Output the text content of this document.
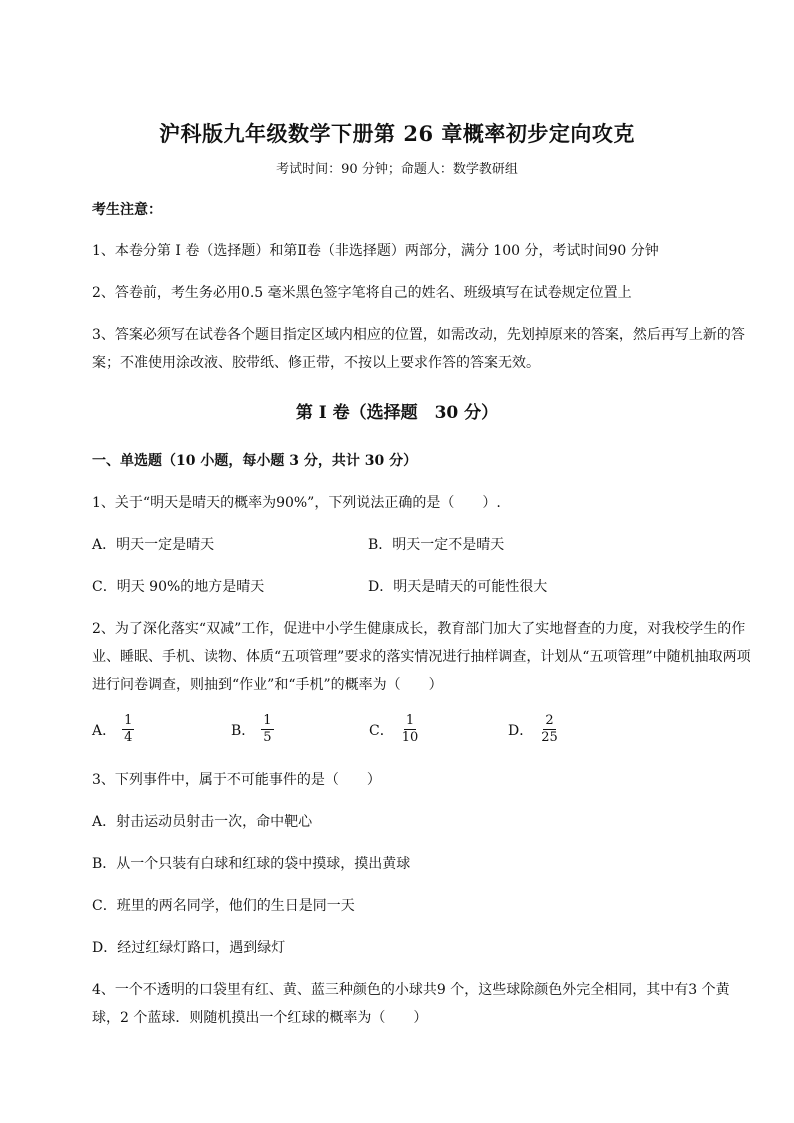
沪科版九年级数学下册第 26 章概率初步定向攻克
考试时间：90 分钟；命题人：数学教研组
考生注意：
1、本卷分第 I 卷（选择题）和第Ⅱ卷（非选择题）两部分，满分 100 分，考试时间90 分钟
2、答卷前，考生务必用0.5 毫米黑色签字笔将自己的姓名、班级填写在试卷规定位置上
3、答案必须写在试卷各个题目指定区域内相应的位置，如需改动，先划掉原来的答案，然后再写上新的答案；不准使用涂改液、胶带纸、修正带，不按以上要求作答的答案无效。
第 I 卷（选择题　30 分）
一、单选题（10 小题，每小题 3 分，共计 30 分）
1、关于“明天是晴天的概率为90%”，下列说法正确的是（　　）.
A．明天一定是晴天	B．明天一定不是晴天
C．明天 90%的地方是晴天	D．明天是晴天的可能性很大
2、为了深化落实“双减”工作，促进中小学生健康成长，教育部门加大了实地督查的力度，对我校学生的作业、睡眠、手机、读物、体质“五项管理”要求的落实情况进行抽样调查，计划从“五项管理”中随机抽取两项进行问卷调查，则抽到“作业”和“手机”的概率为（　　）
A． $\frac{1}{4}$	B． $\frac{1}{5}$	C． $\frac{1}{10}$	D． $\frac{2}{25}$
3、下列事件中，属于不可能事件的是（　　）
A．射击运动员射击一次，命中靶心
B．从一个只装有白球和红球的袋中摸球，摸出黄球
C．班里的两名同学，他们的生日是同一天
D．经过红绿灯路口，遇到绿灯
4、一个不透明的口袋里有红、黄、蓝三种颜色的小球共9 个，这些球除颜色外完全相同，其中有3 个黄球，2 个蓝球．则随机摸出一个红球的概率为（　　）
